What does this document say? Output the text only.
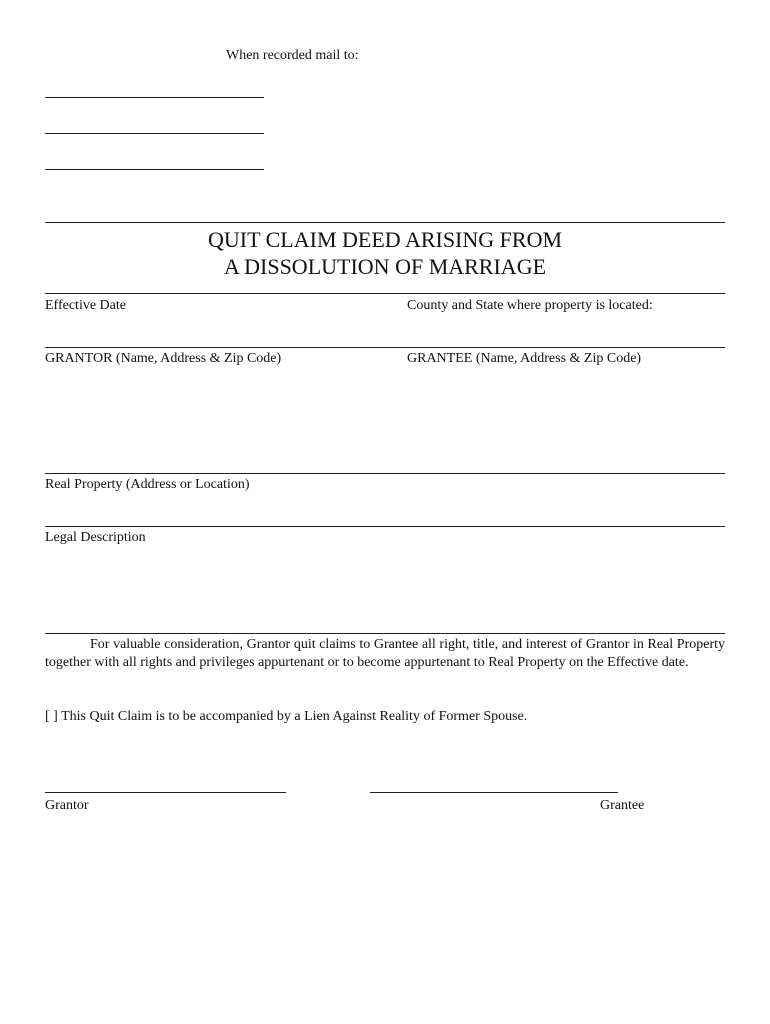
When recorded mail to:
QUIT CLAIM DEED ARISING FROM
A DISSOLUTION OF MARRIAGE
Effective Date	County and State where property is located:
GRANTOR (Name, Address & Zip Code)	GRANTEE (Name, Address & Zip Code)
Real Property (Address or Location)
Legal Description
For valuable consideration, Grantor quit claims to Grantee all right, title, and interest of Grantor in Real Property together with all rights and privileges appurtenant or to become appurtenant to Real Property on the Effective date.
[ ] This Quit Claim is to be accompanied by a Lien Against Reality of Former Spouse.
Grantor	Grantee
